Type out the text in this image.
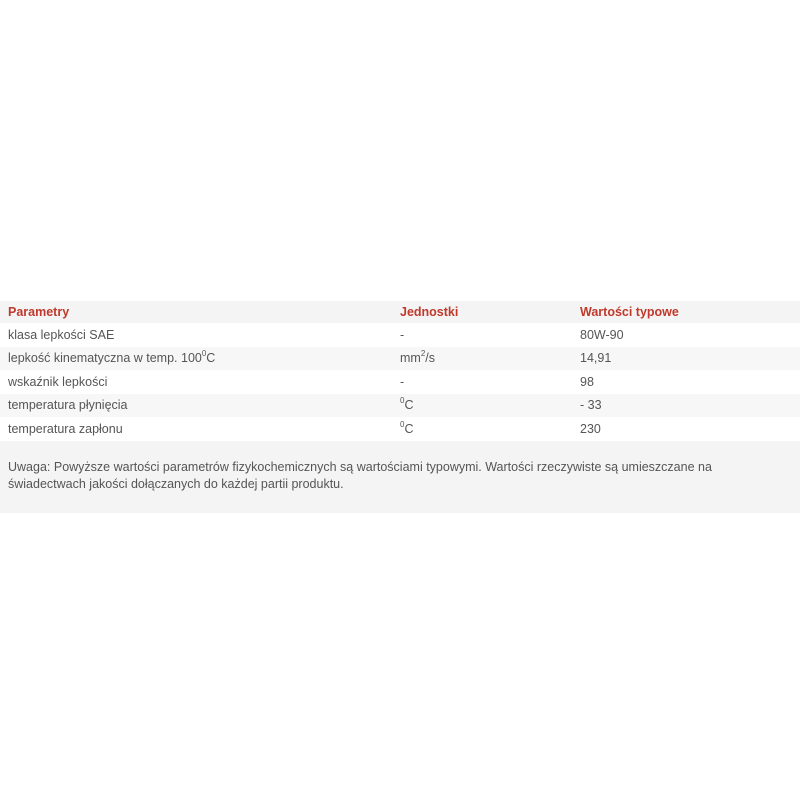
Parametry	Jednostki	Wartości typowe
klasa lepkości SAE	-	80W-90
lepkość kinematyczna w temp. $100^0C$	$mm^2/s$	14,91
wskaźnik lepkości	-	98
temperatura płynięcia	$^0$C	- 33
temperatura zapłonu	$^0$C	230

Uwaga: Powyższe wartości parametrów fizykochemicznych są wartościami typowymi. Wartości rzeczywiste są umieszczane na świadectwach jakości dołączanych do każdej partii produktu.
